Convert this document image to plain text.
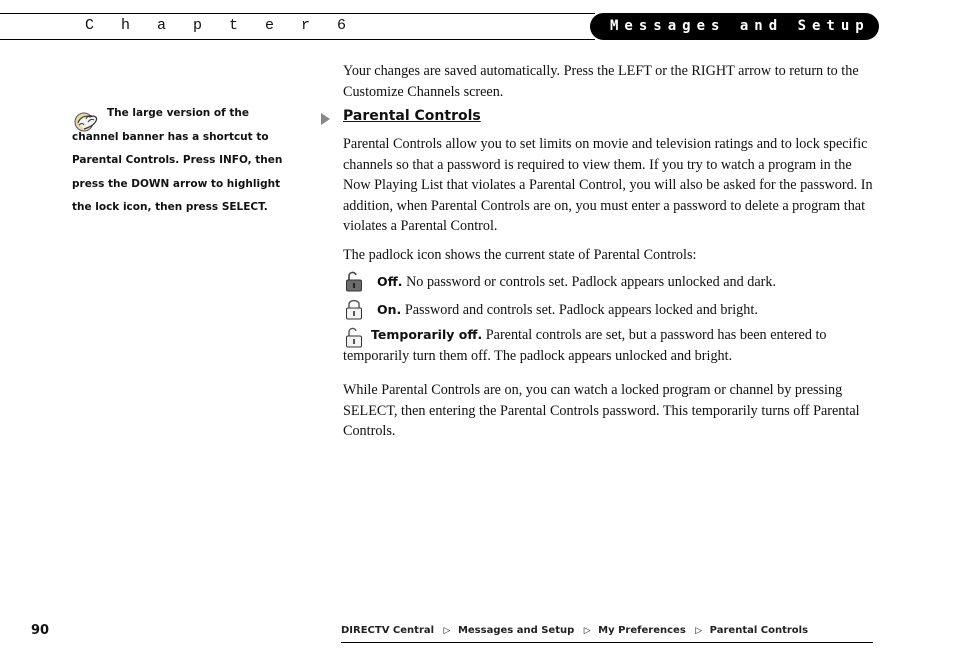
C h a p t e r 6	Messages and Setup

The large version of the channel banner has a shortcut to Parental Controls. Press INFO, then press the DOWN arrow to highlight the lock icon, then press SELECT.

Your changes are saved automatically. Press the LEFT or the RIGHT arrow to return to the Customize Channels screen.

Parental Controls

Parental Controls allow you to set limits on movie and television ratings and to lock specific channels so that a password is required to view them. If you try to watch a program in the Now Playing List that violates a Parental Control, you will also be asked for the password. In addition, when Parental Controls are on, you must enter a password to delete a program that violates a Parental Control.

The padlock icon shows the current state of Parental Controls:

Off. No password or controls set. Padlock appears unlocked and dark.

On. Password and controls set. Padlock appears locked and bright.

Temporarily off. Parental controls are set, but a password has been entered to temporarily turn them off. The padlock appears unlocked and bright.

While Parental Controls are on, you can watch a locked program or channel by pressing SELECT, then entering the Parental Controls password. This temporarily turns off Parental Controls.

90	DIRECTV Central ▷ Messages and Setup ▷ My Preferences ▷ Parental Controls
